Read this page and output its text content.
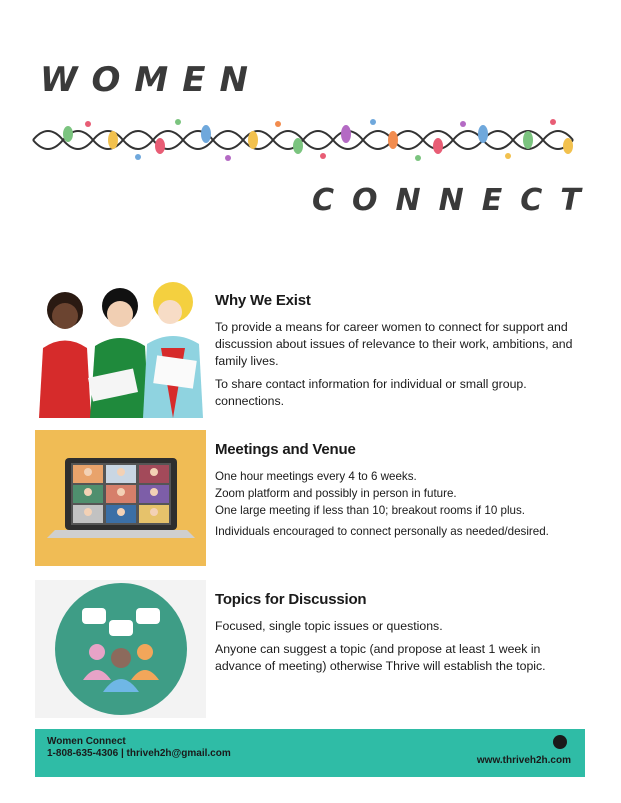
WOMEN
CONNECT
Why We Exist
To provide a means for career women to connect for support and discussion about issues of relevance to their work, ambitions, and family lives.
To share contact information for individual or small group. connections.
Meetings and Venue
One hour meetings every 4 to 6 weeks.
Zoom platform and possibly in person in future.
One large meeting if less than 10; breakout rooms if 10 plus.
Individuals encouraged to connect personally as needed/desired.
Topics for Discussion
Focused, single topic issues or questions.
Anyone can suggest a topic (and propose at least 1 week in advance of meeting) otherwise Thrive will establish the topic.
Women Connect
1-808-635-4306 | thriveh2h@gmail.com
www.thriveh2h.com
